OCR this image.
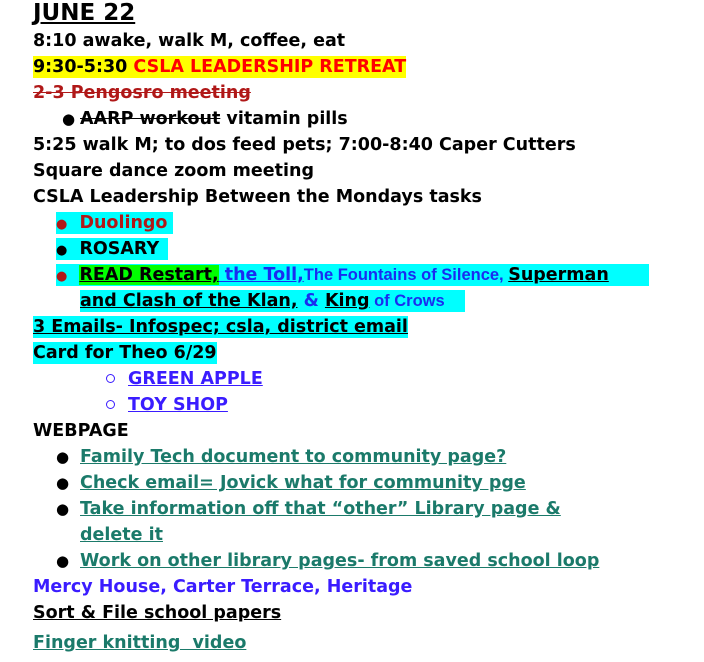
JUNE 22
8:10 awake, walk M, coffee, eat
9:30-5:30 CSLA LEADERSHIP RETREAT
2-3 Pengosro meeting
● AARP workout vitamin pills
5:25 walk M; to dos feed pets; 7:00-8:40 Caper Cutters
Square dance zoom meeting
CSLA Leadership Between the Mondays tasks
● Duolingo
● ROSARY
● READ Restart, the Toll,The Fountains of Silence, Superman
and Clash of the Klan, & King of Crows
3 Emails- Infospec; csla, district email
Card for Theo 6/29
GREEN APPLE
TOY SHOP
WEBPAGE
● Family Tech document to community page?
● Check email= Jovick what for community pge
● Take information off that “other” Library page &
delete it
● Work on other library pages- from saved school loop
Mercy House, Carter Terrace, Heritage
Sort & File school papers
Finger knitting  video
